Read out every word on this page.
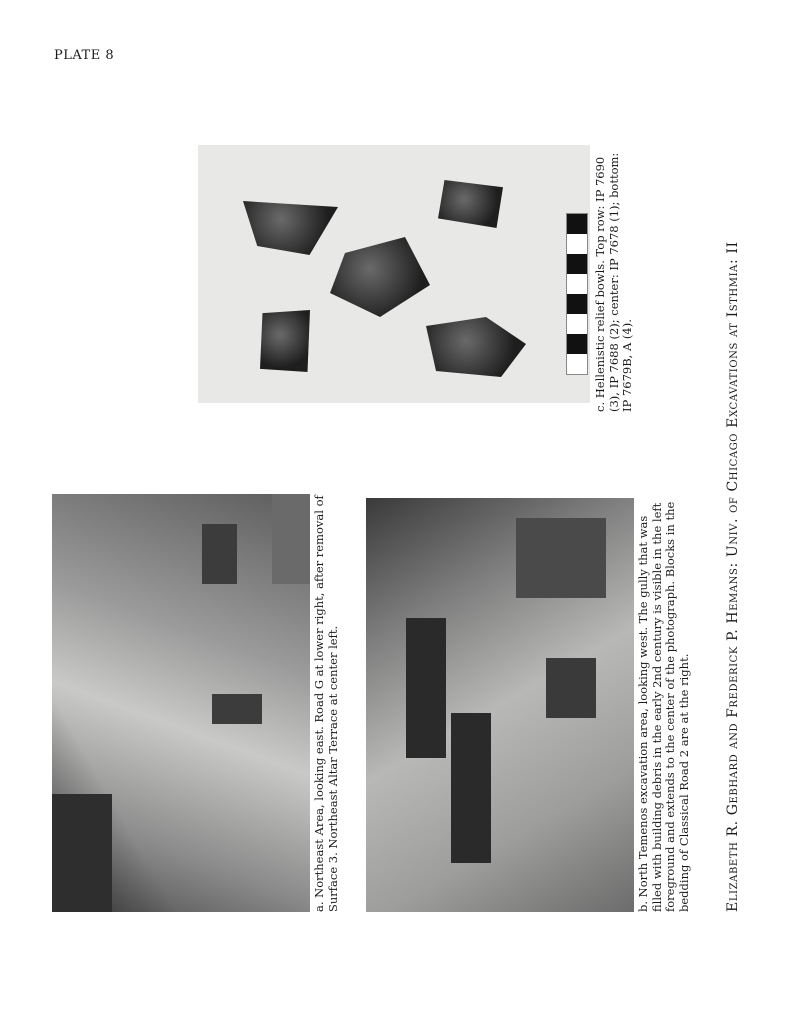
PLATE 8
c. Hellenistic relief bowls. Top row: IP 7690 (3), IP 7688 (2); center: IP 7678 (1); bottom: IP 7679B, A (4).
a. Northeast Area, looking east. Road G at lower right, after removal of Surface 3. Northeast Altar Terrace at center left.	b. North Temenos excavation area, looking west. The gully that was filled with building debris in the early 2nd century is visible in the left foreground and extends to the center of the photograph. Blocks in the bedding of Classical Road 2 are at the right. Elizabeth R. Gebhard and Frederick P. Hemans: Univ. of Chicago Excavations at Isthmia: II
